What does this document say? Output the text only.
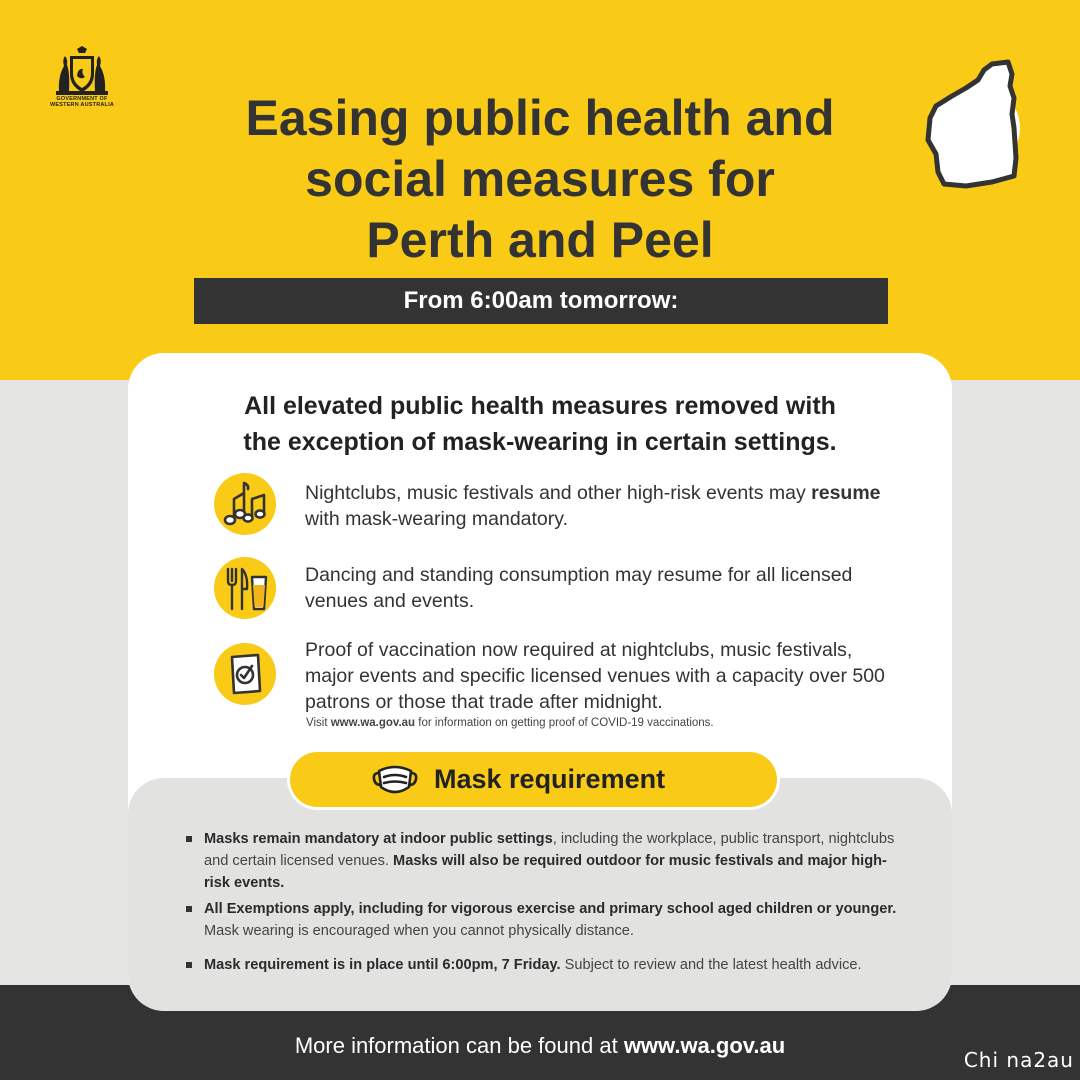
GOVERNMENT OF
WESTERN AUSTRALIA	Easing public health and
social measures for
Perth and Peel
From 6:00am tomorrow:
All elevated public health measures removed with
the exception of mask-wearing in certain settings.
Nightclubs, music festivals and other high-risk events may resume with mask-wearing mandatory.
Dancing and standing consumption may resume for all licensed venues and events.
Proof of vaccination now required at nightclubs, music festivals, major events and specific licensed venues with a capacity over 500 patrons or those that trade after midnight.
Visit www.wa.gov.au for information on getting proof of COVID-19 vaccinations.
Mask requirement
Masks remain mandatory at indoor public settings, including the workplace, public transport, nightclubs and certain licensed venues. Masks will also be required outdoor for music festivals and major high-risk events.
All Exemptions apply, including for vigorous exercise and primary school aged children or younger. Mask wearing is encouraged when you cannot physically distance.
Mask requirement is in place until 6:00pm, 7 Friday. Subject to review and the latest health advice.
More information can be found at www.wa.gov.au
Chi na2au
